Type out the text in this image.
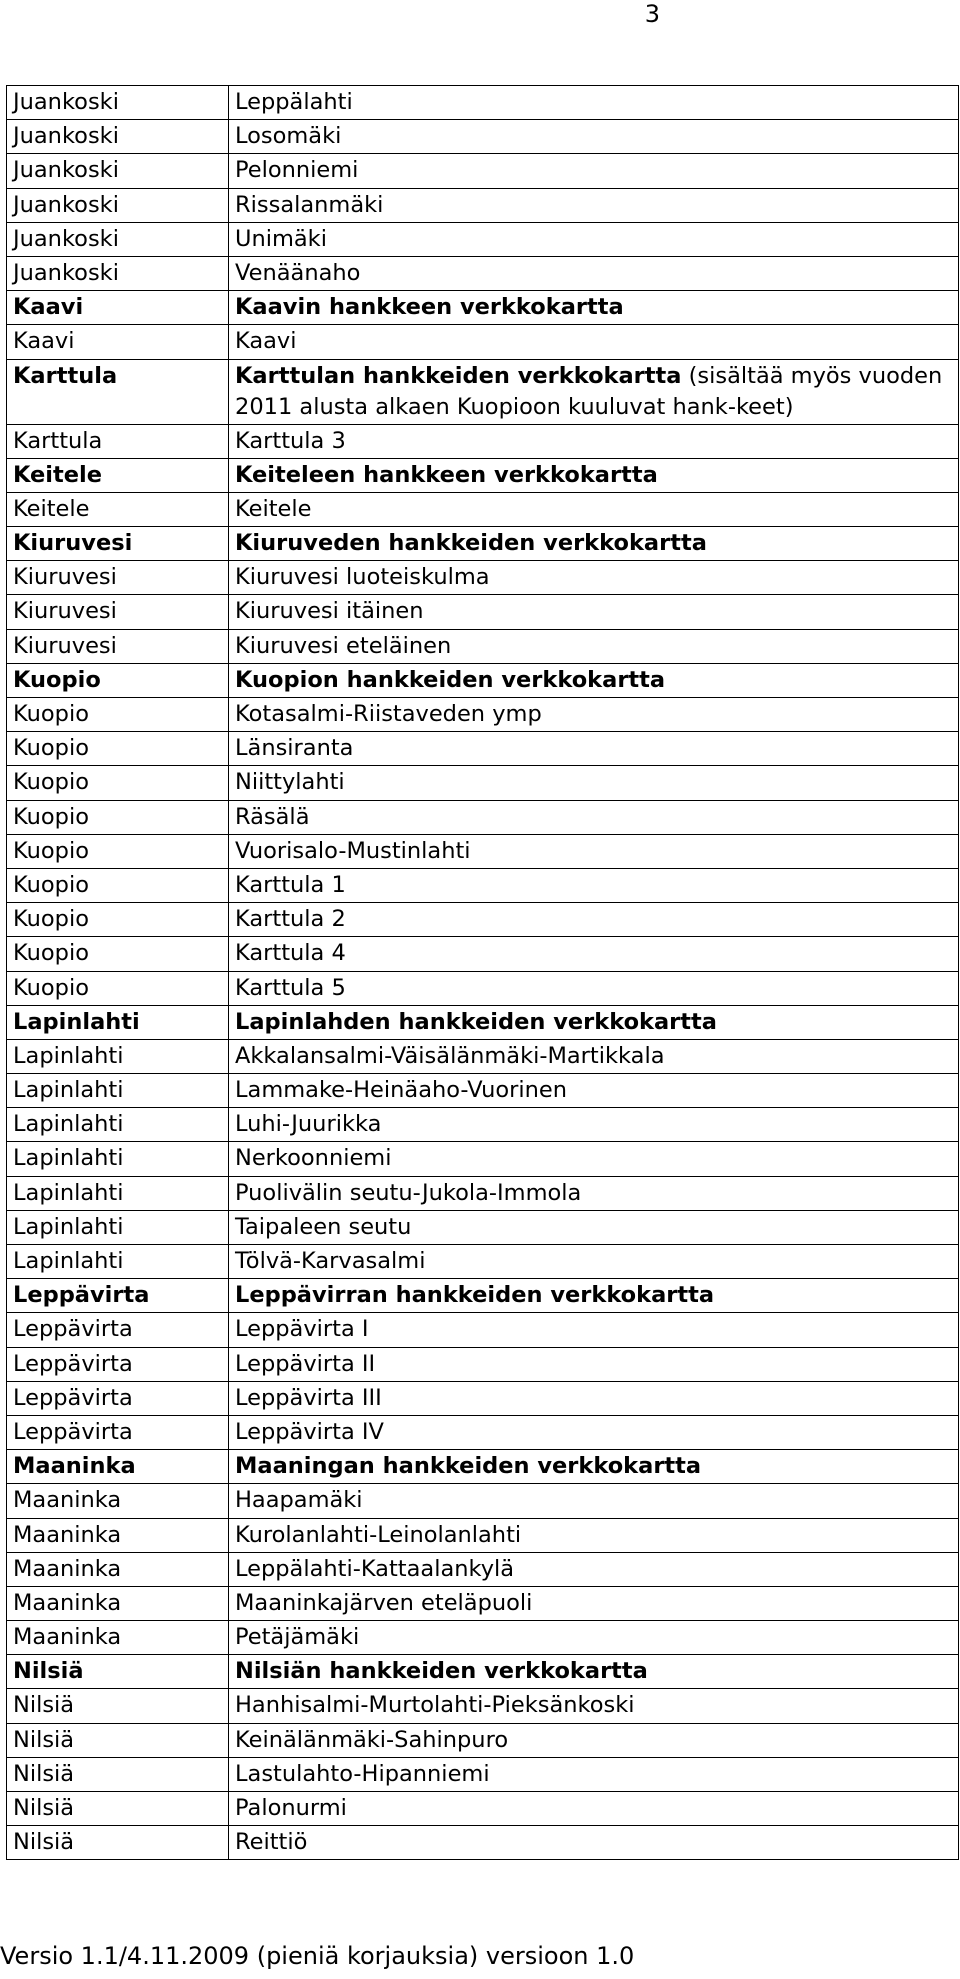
3
Juankoski	Leppälahti
Juankoski	Losomäki
Juankoski	Pelonniemi
Juankoski	Rissalanmäki
Juankoski	Unimäki
Juankoski	Venäänaho
Kaavi	Kaavin hankkeen verkkokartta
Kaavi	Kaavi
Karttula	Karttulan hankkeiden verkkokartta (sisältää myös vuoden 2011 alusta alkaen Kuopioon kuuluvat hank-keet)
Karttula	Karttula 3
Keitele	Keiteleen hankkeen verkkokartta
Keitele	Keitele
Kiuruvesi	Kiuruveden hankkeiden verkkokartta
Kiuruvesi	Kiuruvesi luoteiskulma
Kiuruvesi	Kiuruvesi itäinen
Kiuruvesi	Kiuruvesi eteläinen
Kuopio	Kuopion hankkeiden verkkokartta
Kuopio	Kotasalmi-Riistaveden ymp
Kuopio	Länsiranta
Kuopio	Niittylahti
Kuopio	Räsälä
Kuopio	Vuorisalo-Mustinlahti
Kuopio	Karttula 1
Kuopio	Karttula 2
Kuopio	Karttula 4
Kuopio	Karttula 5
Lapinlahti	Lapinlahden hankkeiden verkkokartta
Lapinlahti	Akkalansalmi-Väisälänmäki-Martikkala
Lapinlahti	Lammake-Heinäaho-Vuorinen
Lapinlahti	Luhi-Juurikka
Lapinlahti	Nerkoonniemi
Lapinlahti	Puolivälin seutu-Jukola-Immola
Lapinlahti	Taipaleen seutu
Lapinlahti	Tölvä-Karvasalmi
Leppävirta	Leppävirran hankkeiden verkkokartta
Leppävirta	Leppävirta I
Leppävirta	Leppävirta II
Leppävirta	Leppävirta III
Leppävirta	Leppävirta IV
Maaninka	Maaningan hankkeiden verkkokartta
Maaninka	Haapamäki
Maaninka	Kurolanlahti-Leinolanlahti
Maaninka	Leppälahti-Kattaalankylä
Maaninka	Maaninkajärven eteläpuoli
Maaninka	Petäjämäki
Nilsiä	Nilsiän hankkeiden verkkokartta
Nilsiä	Hanhisalmi-Murtolahti-Pieksänkoski
Nilsiä	Keinälänmäki-Sahinpuro
Nilsiä	Lastulahto-Hipanniemi
Nilsiä	Palonurmi
Nilsiä	Reittiö
Versio 1.1/4.11.2009 (pieniä korjauksia) versioon 1.0
